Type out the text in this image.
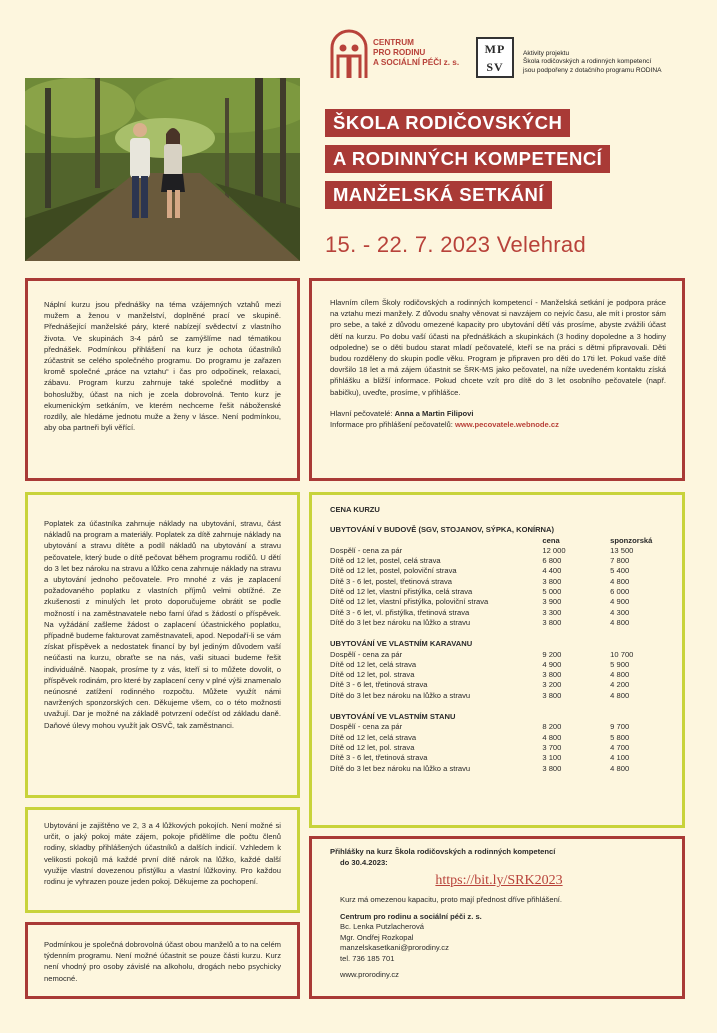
CENTRUM
PRO RODINU
A SOCIÁLNÍ PÉČI z. s.
MPSV
Aktivity projektu
Škola rodičovských a rodinných kompetencí
jsou podpořeny z dotačního programu RODINA
ŠKOLA RODIČOVSKÝCH
A RODINNÝCH KOMPETENCÍ
MANŽELSKÁ SETKÁNÍ
15. - 22. 7. 2023 Velehrad
Náplní kurzu jsou přednášky na téma vzájemných vztahů mezi mužem a ženou v manželství, doplněné prací ve skupině. Přednášející manželské páry, které nabízejí svědectví z vlastního života. Ve skupinách 3-4 párů se zamýšlíme nad tématikou přednášek. Podmínkou přihlášení na kurz je ochota účastníků zúčastnit se celého společného programu. Do programu je zařazen kromě společné „práce na vztahu“ i čas pro odpočinek, relaxaci, zábavu. Program kurzu zahrnuje také společné modlitby a bohoslužby, účast na nich je zcela dobrovolná. Tento kurz je ekumenickým setkáním, ve kterém nechceme řešit náboženské rozdíly, ale hledáme jednotu muže a ženy v lásce. Není podmínkou, aby oba partneři byli věřící.
Hlavním cílem Školy rodičovských a rodinných kompetencí - Manželská setkání je podpora práce na vztahu mezi manžely. Z důvodu snahy věnovat si navzájem co nejvíc času, ale mít i prostor sám pro sebe, a také z důvodu omezené kapacity pro ubytování dětí vás prosíme, abyste zvážili účast dětí na kurzu. Po dobu vaší účasti na přednáškách a skupinkách (3 hodiny dopoledne a 3 hodiny odpoledne) se o děti budou starat mladí pečovatelé, kteří se na práci s dětmi připravovali. Děti budou rozděleny do skupin podle věku. Program je připraven pro děti do 17ti let. Pokud vaše dítě dovršilo 18 let a má zájem účastnit se ŠRK-MS jako pečovatel, na níže uvedeném kontaktu získá přihlášku a bližší informace. Pokud chcete vzít pro dítě do 3 let osobního pečovatele (např. babičku), uveďte, prosíme, v přihlášce.
Hlavní pečovatelé: Anna a Martin Filipovi
Informace pro přihlášení pečovatelů: www.pecovatele.webnode.cz
Poplatek za účastníka zahrnuje náklady na ubytování, stravu, část nákladů na program a materiály. Poplatek za dítě zahrnuje náklady na ubytování a stravu dítěte a podíl nákladů na ubytování a stravu pečovatele, který bude o dítě pečovat během programu rodičů. U dětí do 3 let bez nároku na stravu a lůžko cena zahrnuje náklady na stravu a ubytování jednoho pečovatele. Pro mnohé z vás je zaplacení požadovaného poplatku z vlastních příjmů velmi obtížné. Ze zkušenosti z minulých let proto doporučujeme obrátit se podle možností i na zaměstnavatele nebo farní úřad s žádostí o příspěvek. Na vyžádání zašleme žádost o zaplacení účastnického poplatku, případně budeme fakturovat zaměstnavateli, apod. Nepodaří-li se vám získat příspěvek a nedostatek financí by byl jediným důvodem vaší neúčasti na kurzu, obraťte se na nás, vaši situaci budeme řešit individuálně. Naopak, prosíme ty z vás, kteří si to můžete dovolit, o příspěvek rodinám, pro které by zaplacení ceny v plné výši znamenalo neúnosné zatížení rodinného rozpočtu. Můžete využít námi navržených sponzorských cen. Děkujeme všem, co o této možnosti uvažují. Dar je možné na základě potvrzení odečíst od základu daně. Daňové úlevy mohou využít jak OSVČ, tak zaměstnanci.
CENA KURZU
UBYTOVÁNÍ V BUDOVĚ (SGV, STOJANOV, SÝPKA, KONÍRNA)
cena	sponzorská
Dospělí - cena za pár	12 000	13 500
Dítě od 12 let, postel, celá strava	6 800	7 800
Dítě od 12 let, postel, poloviční strava	4 400	5 400
Dítě 3 - 6 let, postel, třetinová strava	3 800	4 800
Dítě od 12 let, vlastní přistýlka, celá strava	5 000	6 000
Dítě od 12 let, vlastní přistýlka, poloviční strava	3 900	4 900
Dítě 3 - 6 let, vl. přistýlka, třetinová strava	3 300	4 300
Dítě do 3 let bez nároku na lůžko a stravu	3 800	4 800
UBYTOVÁNÍ VE VLASTNÍM KARAVANU
Dospělí - cena za pár	9 200	10 700
Dítě od 12 let, celá strava	4 900	5 900
Dítě od 12 let, pol. strava	3 800	4 800
Dítě 3 - 6 let, třetinová strava	3 200	4 200
Dítě do 3 let bez nároku na lůžko a stravu	3 800	4 800
UBYTOVÁNÍ VE VLASTNÍM STANU
Dospělí - cena za pár	8 200	9 700
Dítě od 12 let, celá strava	4 800	5 800
Dítě od 12 let, pol. strava	3 700	4 700
Dítě 3 - 6 let, třetinová strava	3 100	4 100
Dítě do 3 let bez nároku na lůžko a stravu	3 800	4 800
Ubytování je zajištěno ve 2, 3 a 4 lůžkových pokojích. Není možné si určit, o jaký pokoj máte zájem, pokoje přidělíme dle počtu členů rodiny, skladby přihlášených účastníků a dalších indicií. Vzhledem k velikosti pokojů má každé první dítě nárok na lůžko, každé další využije vlastní dovezenou přistýlku a vlastní lůžkoviny. Pro každou rodinu je vyhrazen pouze jeden pokoj. Děkujeme za pochopení.
Přihlášky na kurz Škola rodičovských a rodinných kompetencí
do 30.4.2023:
https://bit.ly/SRK2023
Kurz má omezenou kapacitu, proto mají přednost dříve přihlášení.
Centrum pro rodinu a sociální péči z. s.
Bc. Lenka Putzlacherová
Mgr. Ondřej Rozkopal
manzelskasetkani@prorodiny.cz
tel. 736 185 701
www.prorodiny.cz
Podmínkou je společná dobrovolná účast obou manželů a to na celém týdenním programu. Není možné účastnit se pouze části kurzu. Kurz není vhodný pro osoby závislé na alkoholu, drogách nebo psychicky nemocné.
